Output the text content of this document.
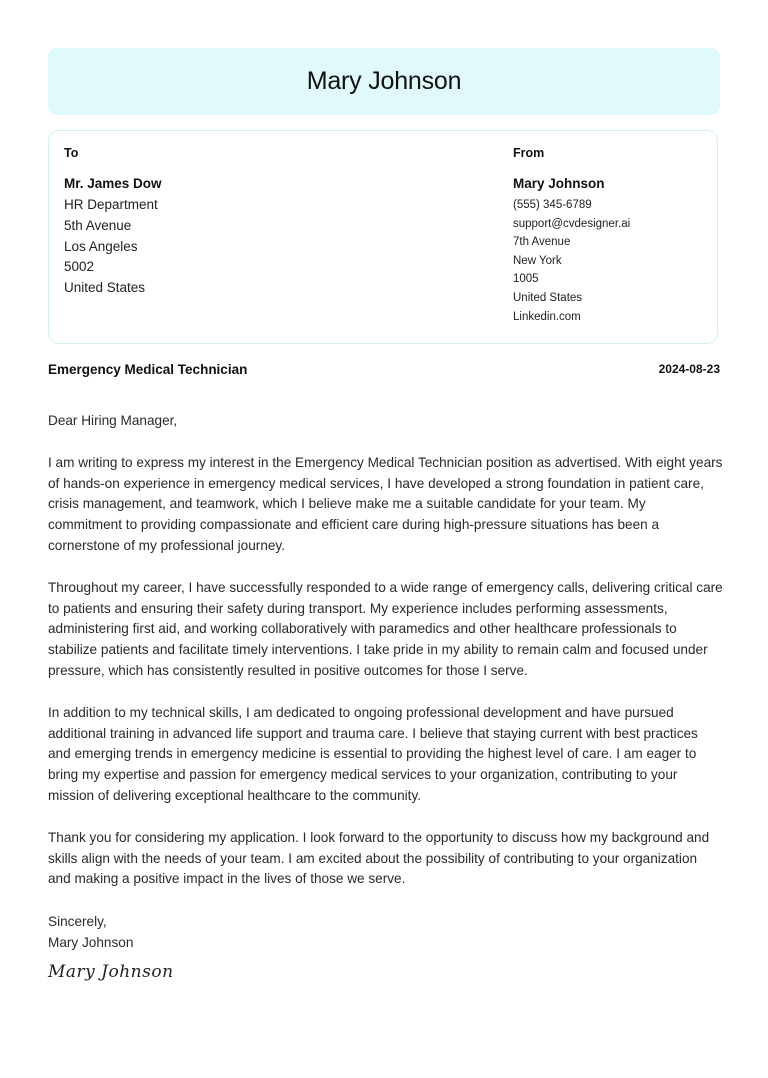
Mary Johnson
To
Mr. James Dow
HR Department
5th Avenue
Los Angeles
5002
United States
From
Mary Johnson
(555) 345-6789
support@cvdesigner.ai
7th Avenue
New York
1005
United States
Linkedin.com
Emergency Medical Technician	2024-08-23

Dear Hiring Manager,

I am writing to express my interest in the Emergency Medical Technician position as advertised. With eight years of hands-on experience in emergency medical services, I have developed a strong foundation in patient care, crisis management, and teamwork, which I believe make me a suitable candidate for your team. My commitment to providing compassionate and efficient care during high-pressure situations has been a cornerstone of my professional journey.

Throughout my career, I have successfully responded to a wide range of emergency calls, delivering critical care to patients and ensuring their safety during transport. My experience includes performing assessments, administering first aid, and working collaboratively with paramedics and other healthcare professionals to stabilize patients and facilitate timely interventions. I take pride in my ability to remain calm and focused under pressure, which has consistently resulted in positive outcomes for those I serve.

In addition to my technical skills, I am dedicated to ongoing professional development and have pursued additional training in advanced life support and trauma care. I believe that staying current with best practices and emerging trends in emergency medicine is essential to providing the highest level of care. I am eager to bring my expertise and passion for emergency medical services to your organization, contributing to your mission of delivering exceptional healthcare to the community.

Thank you for considering my application. I look forward to the opportunity to discuss how my background and skills align with the needs of your team. I am excited about the possibility of contributing to your organization and making a positive impact in the lives of those we serve.

Sincerely,
Mary Johnson
Mary Johnson
